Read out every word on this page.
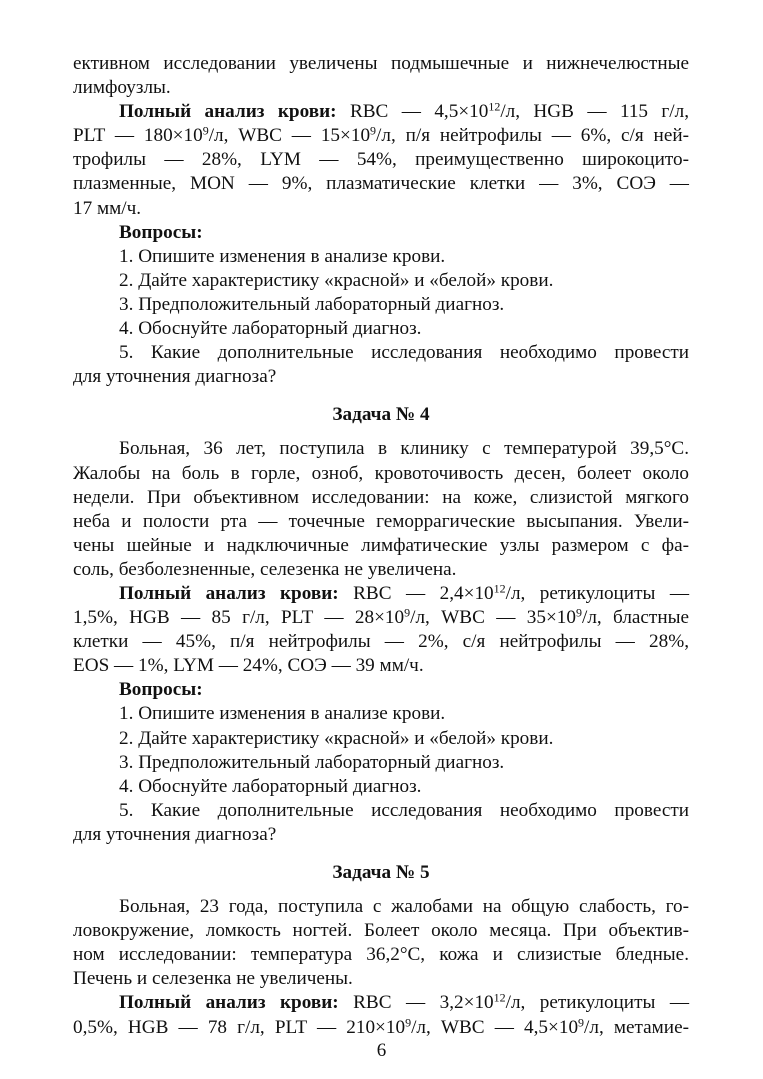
ективном исследовании увеличены подмышечные и нижнечелюстные
лимфоузлы.
Полный анализ крови: RBC — $4,5\times 10^{12}/л$, HGB — 115 г/л,
PLT — $180\times 10^9/л$, WBC — $15\times 10^9/л$, п/я нейтрофилы — 6%, с/я ней-
трофилы — 28%, LYM — 54%, преимущественно широкоцито-
плазменные, MON — 9%, плазматические клетки — 3%, СОЭ —
17 мм/ч.
Вопросы:
1. Опишите изменения в анализе крови.
2. Дайте характеристику «красной» и «белой» крови.
3. Предположительный лабораторный диагноз.
4. Обоснуйте лабораторный диагноз.
5. Какие дополнительные исследования необходимо провести
для уточнения диагноза?
Задача № 4
Больная, 36 лет, поступила в клинику с температурой 39,5°С.
Жалобы на боль в горле, озноб, кровоточивость десен, болеет около
недели. При объективном исследовании: на коже, слизистой мягкого
неба и полости рта — точечные геморрагические высыпания. Увели-
чены шейные и надключичные лимфатические узлы размером с фа-
соль, безболезненные, селезенка не увеличена.
Полный анализ крови: RBC — $2,4\times 10^{12}/л$, ретикулоциты —
1,5%, HGB — 85 г/л, PLT — $28\times 10^9/л$, WBC — $35\times 10^9/л$, бластные
клетки — 45%, п/я нейтрофилы — 2%, с/я нейтрофилы — 28%,
EOS — 1%, LYM — 24%, СОЭ — 39 мм/ч.
Вопросы:
1. Опишите изменения в анализе крови.
2. Дайте характеристику «красной» и «белой» крови.
3. Предположительный лабораторный диагноз.
4. Обоснуйте лабораторный диагноз.
5. Какие дополнительные исследования необходимо провести
для уточнения диагноза?
Задача № 5
Больная, 23 года, поступила с жалобами на общую слабость, го-
ловокружение, ломкость ногтей. Болеет около месяца. При объектив-
ном исследовании: температура 36,2°С, кожа и слизистые бледные.
Печень и селезенка не увеличены.
Полный анализ крови: RBC — $3,2\times 10^{12}/л$, ретикулоциты —
0,5%, HGB — 78 г/л, PLT — $210\times 10^9/л$, WBC — $4,5\times 10^9/л$, метамие-
6
